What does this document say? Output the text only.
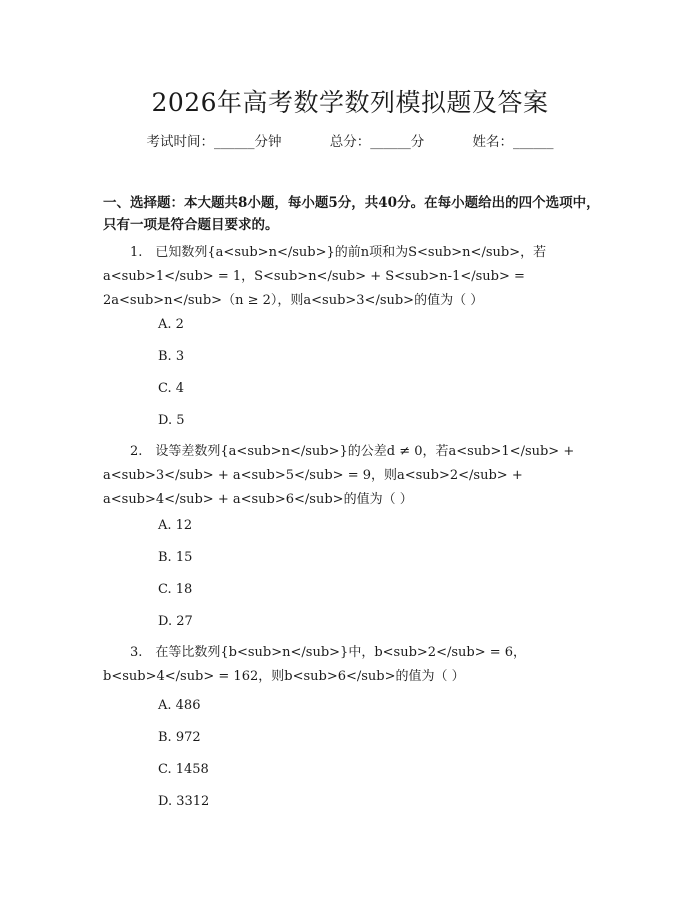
2026年高考数学数列模拟题及答案
考试时间：______分钟	总分：______分	姓名：______
一、选择题：本大题共8小题，每小题5分，共40分。在每小题给出的四个选项中，只有一项是符合题目要求的。
1.　已知数列{a<sub>n</sub>}的前n项和为S<sub>n</sub>，若a<sub>1</sub> = 1，S<sub>n</sub> + S<sub>n-1</sub> = 2a<sub>n</sub>（n ≥ 2），则a<sub>3</sub>的值为（ ）
A. 2
B. 3
C. 4
D. 5
2.　设等差数列{a<sub>n</sub>}的公差d ≠ 0，若a<sub>1</sub> + a<sub>3</sub> + a<sub>5</sub> = 9，则a<sub>2</sub> + a<sub>4</sub> + a<sub>6</sub>的值为（ ）
A. 12
B. 15
C. 18
D. 27
3.　在等比数列{b<sub>n</sub>}中，b<sub>2</sub> = 6，b<sub>4</sub> = 162，则b<sub>6</sub>的值为（ ）
A. 486
B. 972
C. 1458
D. 3312
